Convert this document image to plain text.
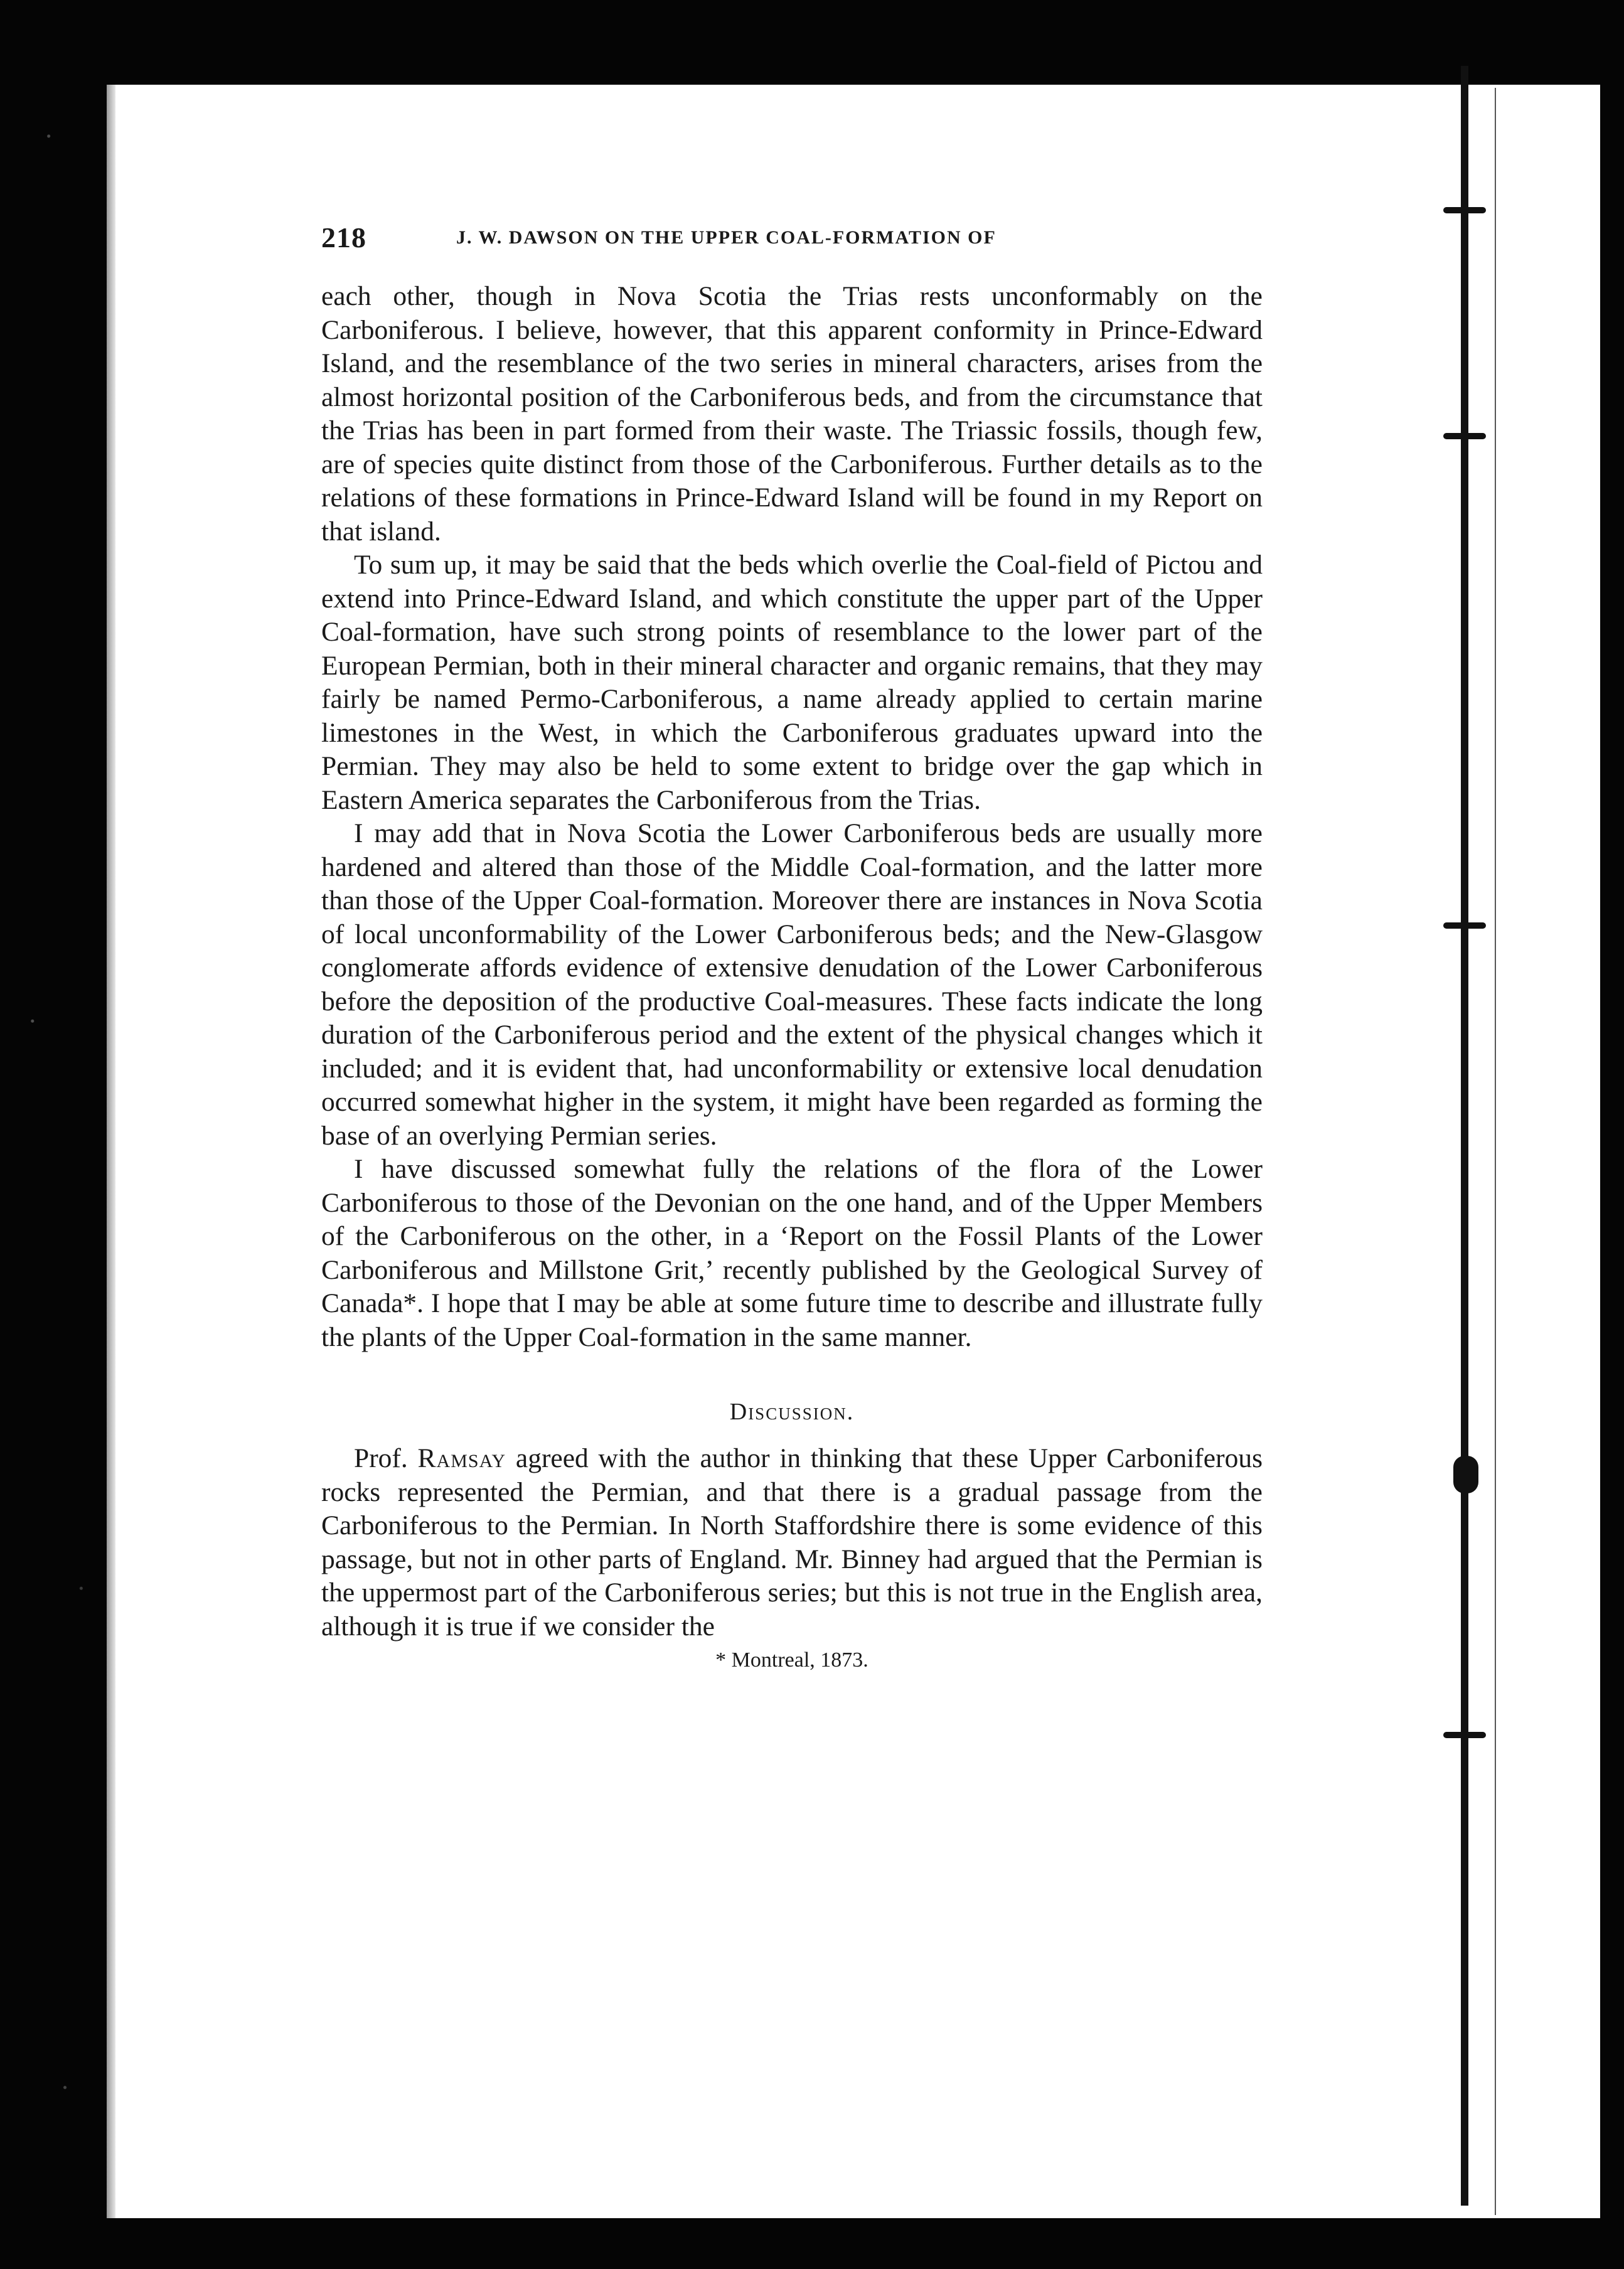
218	J. W. DAWSON ON THE UPPER COAL-FORMATION OF

each other, though in Nova Scotia the Trias rests unconformably on the Carboniferous. I believe, however, that this apparent conformity in Prince-Edward Island, and the resemblance of the two series in mineral characters, arises from the almost horizontal position of the Carboniferous beds, and from the circumstance that the Trias has been in part formed from their waste. The Triassic fossils, though few, are of species quite distinct from those of the Carboniferous. Further details as to the relations of these formations in Prince-Edward Island will be found in my Report on that island.

To sum up, it may be said that the beds which overlie the Coal-field of Pictou and extend into Prince-Edward Island, and which constitute the upper part of the Upper Coal-formation, have such strong points of resemblance to the lower part of the European Permian, both in their mineral character and organic remains, that they may fairly be named Permo-Carboniferous, a name already applied to certain marine limestones in the West, in which the Carboniferous graduates upward into the Permian. They may also be held to some extent to bridge over the gap which in Eastern America separates the Carboniferous from the Trias.

I may add that in Nova Scotia the Lower Carboniferous beds are usually more hardened and altered than those of the Middle Coal-formation, and the latter more than those of the Upper Coal-formation. Moreover there are instances in Nova Scotia of local unconformability of the Lower Carboniferous beds; and the New-Glasgow conglomerate affords evidence of extensive denudation of the Lower Carboniferous before the deposition of the productive Coal-measures. These facts indicate the long duration of the Carboniferous period and the extent of the physical changes which it included; and it is evident that, had unconformability or extensive local denudation occurred somewhat higher in the system, it might have been regarded as forming the base of an overlying Permian series.

I have discussed somewhat fully the relations of the flora of the Lower Carboniferous to those of the Devonian on the one hand, and of the Upper Members of the Carboniferous on the other, in a ‘Report on the Fossil Plants of the Lower Carboniferous and Millstone Grit,’ recently published by the Geological Survey of Canada*. I hope that I may be able at some future time to describe and illustrate fully the plants of the Upper Coal-formation in the same manner.

Discussion.

Prof. Ramsay agreed with the author in thinking that these Upper Carboniferous rocks represented the Permian, and that there is a gradual passage from the Carboniferous to the Permian. In North Staffordshire there is some evidence of this passage, but not in other parts of England. Mr. Binney had argued that the Permian is the uppermost part of the Carboniferous series; but this is not true in the English area, although it is true if we consider the

* Montreal, 1873.
